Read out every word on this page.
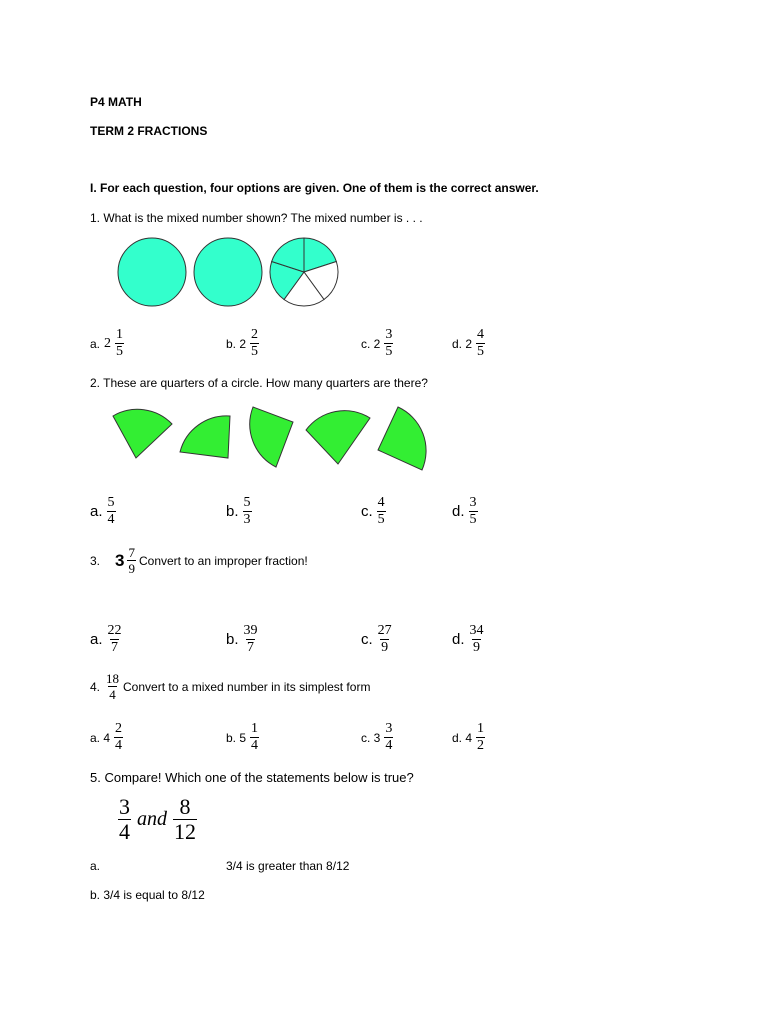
P4 MATH
TERM 2 FRACTIONS
I. For each question, four options are given. One of them is the correct answer.
1. What is the mixed number shown? The mixed number is . . .
a. $2 \frac{1}{5}$	b. $2 \frac{2}{5}$	c. $2 \frac{3}{5}$	d. $2 \frac{4}{5}$
2. These are quarters of a circle. How many quarters are there?
a. $\frac{5}{4}$	b. $\frac{5}{3}$	c. $\frac{4}{5}$	d. $\frac{3}{5}$
3. $3 \frac{7}{9}$ Convert to an improper fraction!
a. $\frac{22}{7}$	b. $\frac{39}{7}$	c. $\frac{27}{9}$	d. $\frac{34}{9}$
4. $\frac{18}{4}$ Convert to a mixed number in its simplest form
a. $4 \frac{2}{4}$	b. $5 \frac{1}{4}$	c. $3 \frac{3}{4}$	d. $4 \frac{1}{2}$
5. Compare! Which one of the statements below is true?
$\frac{3}{4}$ and $\frac{8}{12}$
a.	3/4 is greater than 8/12
b. 3/4 is equal to 8/12
